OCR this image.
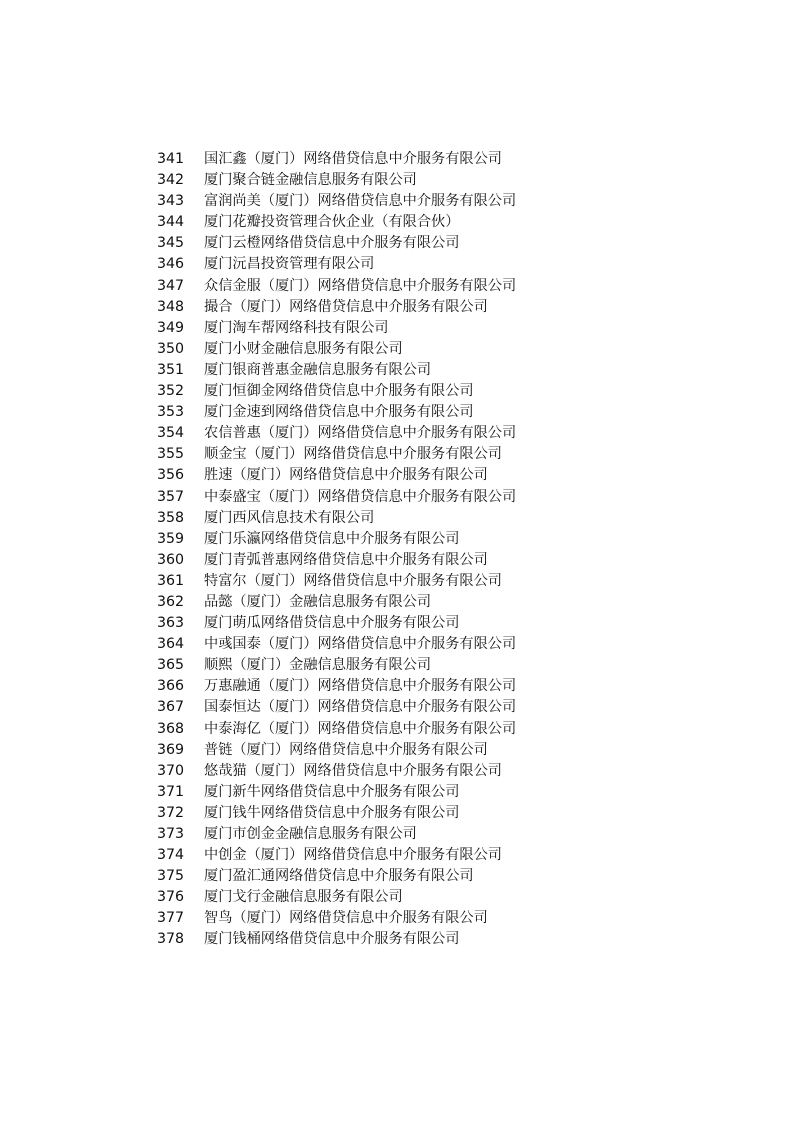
341 国汇鑫（厦门）网络借贷信息中介服务有限公司
342 厦门聚合链金融信息服务有限公司
343 富润尚美（厦门）网络借贷信息中介服务有限公司
344 厦门花瓣投资管理合伙企业（有限合伙）
345 厦门云橙网络借贷信息中介服务有限公司
346 厦门沅昌投资管理有限公司
347 众信金服（厦门）网络借贷信息中介服务有限公司
348 撮合（厦门）网络借贷信息中介服务有限公司
349 厦门淘车帮网络科技有限公司
350 厦门小财金融信息服务有限公司
351 厦门银商普惠金融信息服务有限公司
352 厦门恒御金网络借贷信息中介服务有限公司
353 厦门金速到网络借贷信息中介服务有限公司
354 农信普惠（厦门）网络借贷信息中介服务有限公司
355 顺金宝（厦门）网络借贷信息中介服务有限公司
356 胜速（厦门）网络借贷信息中介服务有限公司
357 中泰盛宝（厦门）网络借贷信息中介服务有限公司
358 厦门西风信息技术有限公司
359 厦门乐瀛网络借贷信息中介服务有限公司
360 厦门青弧普惠网络借贷信息中介服务有限公司
361 特富尔（厦门）网络借贷信息中介服务有限公司
362 品懿（厦门）金融信息服务有限公司
363 厦门萌瓜网络借贷信息中介服务有限公司
364 中彧国泰（厦门）网络借贷信息中介服务有限公司
365 顺熙（厦门）金融信息服务有限公司
366 万惠融通（厦门）网络借贷信息中介服务有限公司
367 国泰恒达（厦门）网络借贷信息中介服务有限公司
368 中泰海亿（厦门）网络借贷信息中介服务有限公司
369 普链（厦门）网络借贷信息中介服务有限公司
370 悠哉猫（厦门）网络借贷信息中介服务有限公司
371 厦门新牛网络借贷信息中介服务有限公司
372 厦门钱牛网络借贷信息中介服务有限公司
373 厦门市创金金融信息服务有限公司
374 中创金（厦门）网络借贷信息中介服务有限公司
375 厦门盈汇通网络借贷信息中介服务有限公司
376 厦门戈行金融信息服务有限公司
377 智鸟（厦门）网络借贷信息中介服务有限公司
378 厦门钱桶网络借贷信息中介服务有限公司
